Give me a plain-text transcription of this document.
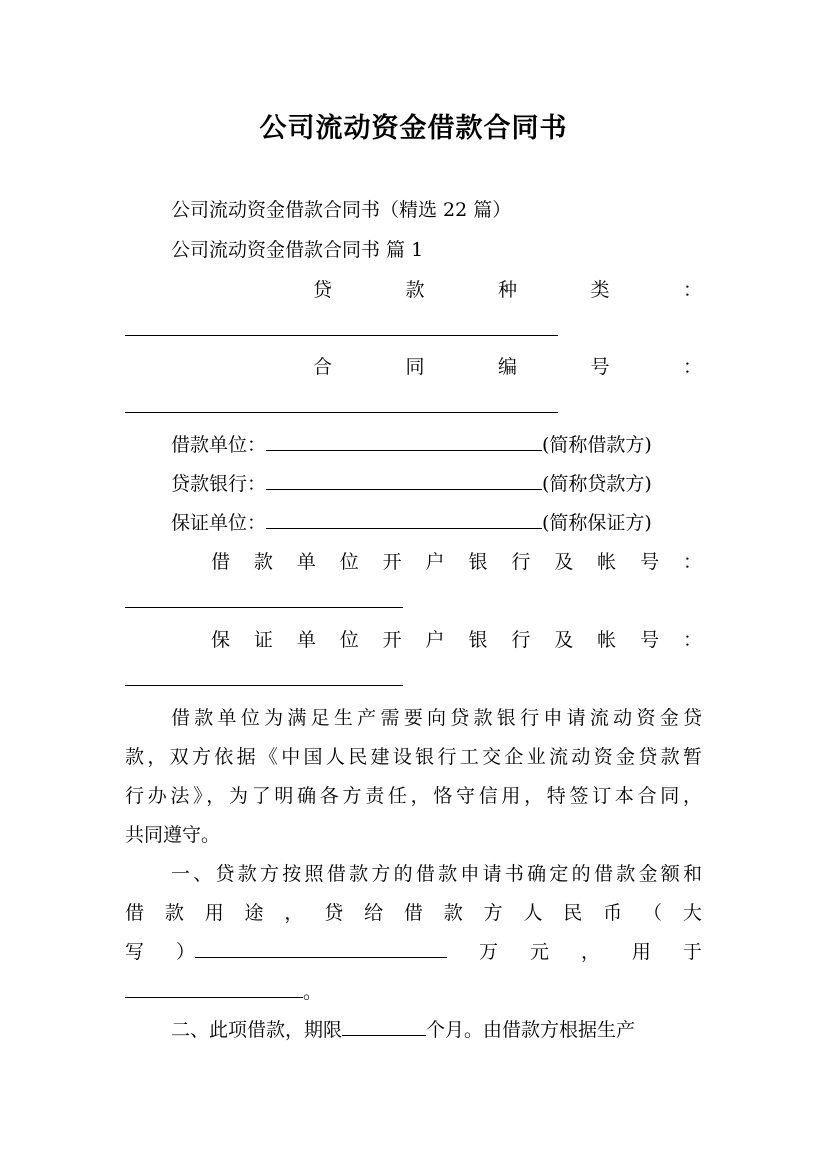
公司流动资金借款合同书
公司流动资金借款合同书（精选 22 篇）
公司流动资金借款合同书 篇 1
贷	款	种	类	：
合	同	编	号	：
借款单位：	(简称借款方)
贷款银行：	(简称贷款方)
保证单位：	(简称保证方)
借 款 单 位 开 户 银 行 及 帐 号 ：
保 证 单 位 开 户 银 行 及 帐 号 ：
借款单位为满足生产需要向贷款银行申请流动资金贷
款，双方依据《中国人民建设银行工交企业流动资金贷款暂
行办法》，为了明确各方责任，恪守信用，特签订本合同，
共同遵守。
一、贷款方按照借款方的借款申请书确定的借款金额和
借 款 用 途 ， 贷 给 借 款 方 人 民 币 （ 大
写 ）	万 元 ， 用 于
。
二、此项借款，期限	个月。由借款方根据生产
